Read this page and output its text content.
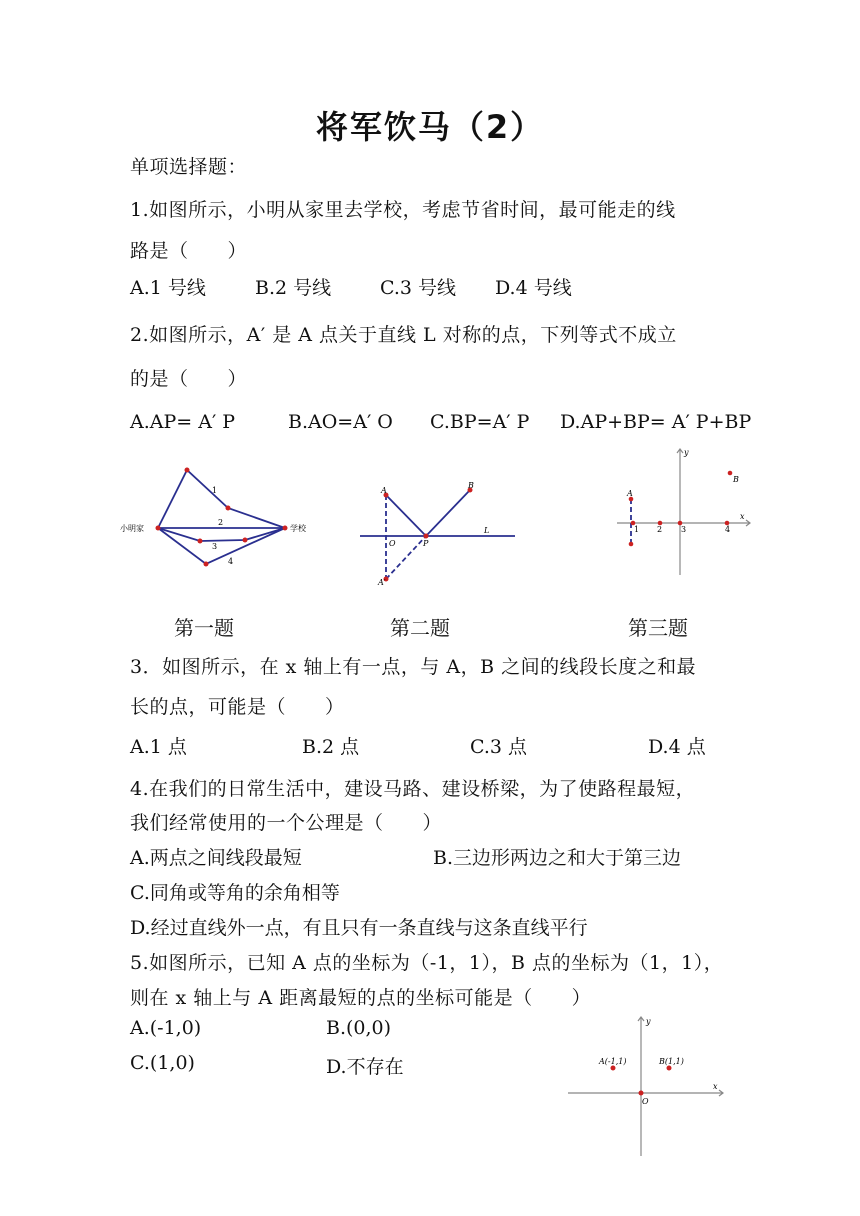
将军饮马（2）
单项选择题：
1.如图所示，小明从家里去学校，考虑节省时间，最可能走的线
路是（　　）
A.1 号线	B.2 号线	C.3 号线 D.4 号线
2.如图所示，A′ 是 A 点关于直线 L 对称的点，下列等式不成立
的是（　　）
A.AP= A′ P	B.AO=A′ O C.BP=A′ P D.AP+BP= A′ P+BP
小明家	学校
1
2
3
4
A
B
O	P
L
A′
A
B
x
y
1 2 3	4
第一题	第二题	第三题
3．如图所示，在 x 轴上有一点，与 A，B 之间的线段长度之和最
长的点，可能是（　　）
A.1 点	B.2 点	C.3 点	D.4 点
4.在我们的日常生活中，建设马路、建设桥梁，为了使路程最短，
我们经常使用的一个公理是（　　）
A.两点之间线段最短	B.三边形两边之和大于第三边
C.同角或等角的余角相等
D.经过直线外一点，有且只有一条直线与这条直线平行
5.如图所示，已知 A 点的坐标为（-1，1），B 点的坐标为（1，1），
则在 x 轴上与 A 距离最短的点的坐标可能是（　　）
A.(-1,0)	B.(0,0)
C.(1,0)	D.不存在	A(-1,1)	B(1,1)
O
x
y
